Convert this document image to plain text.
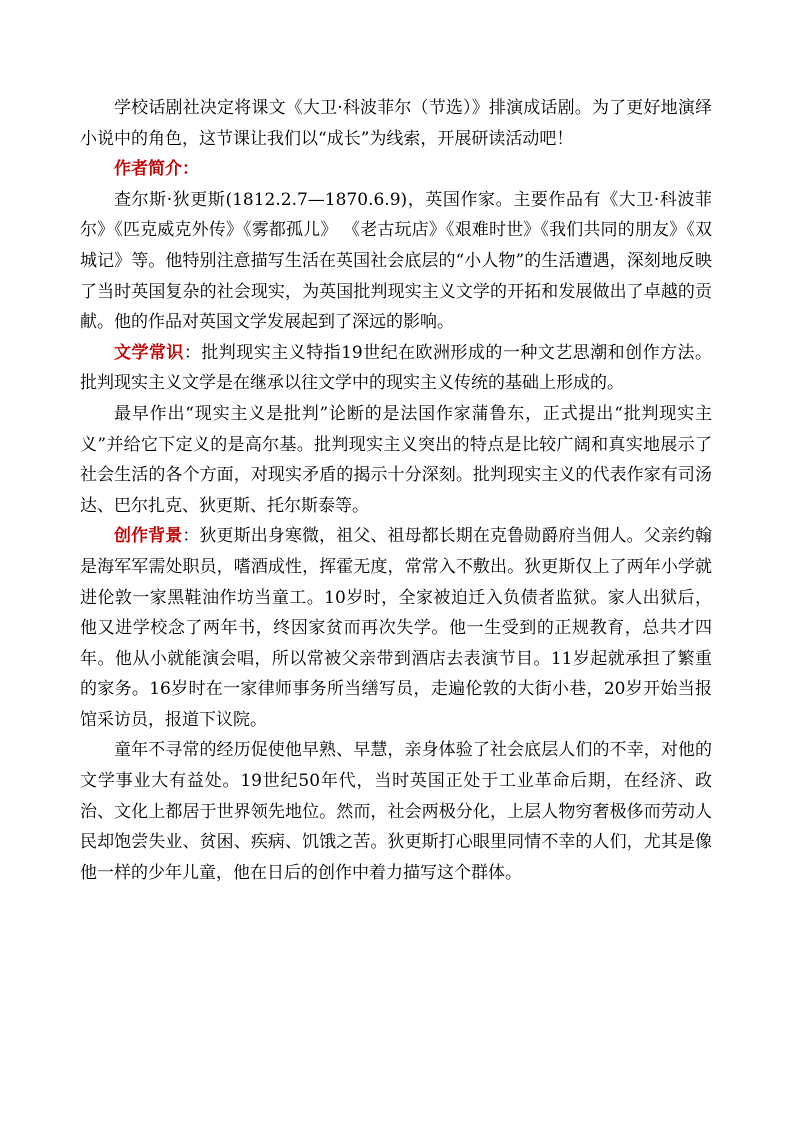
学校话剧社决定将课文《大卫·科波菲尔（节选）》排演成话剧。为了更好地演绎小说中的角色，这节课让我们以“成长”为线索，开展研读活动吧！

作者简介：

查尔斯·狄更斯(1812.2.7—1870.6.9)，英国作家。主要作品有《大卫·科波菲尔》《匹克威克外传》《雾都孤儿》 《老古玩店》《艰难时世》《我们共同的朋友》《双城记》等。他特别注意描写生活在英国社会底层的“小人物”的生活遭遇，深刻地反映了当时英国复杂的社会现实，为英国批判现实主义文学的开拓和发展做出了卓越的贡献。他的作品对英国文学发展起到了深远的影响。

文学常识：批判现实主义特指19世纪在欧洲形成的一种文艺思潮和创作方法。批判现实主义文学是在继承以往文学中的现实主义传统的基础上形成的。

最早作出“现实主义是批判”论断的是法国作家蒲鲁东，正式提出“批判现实主义”并给它下定义的是高尔基。批判现实主义突出的特点是比较广阔和真实地展示了社会生活的各个方面，对现实矛盾的揭示十分深刻。批判现实主义的代表作家有司汤达、巴尔扎克、狄更斯、托尔斯泰等。

创作背景：狄更斯出身寒微，祖父、祖母都长期在克鲁勋爵府当佣人。父亲约翰是海军军需处职员，嗜酒成性，挥霍无度，常常入不敷出。狄更斯仅上了两年小学就进伦敦一家黑鞋油作坊当童工。10岁时，全家被迫迁入负债者监狱。家人出狱后，他又进学校念了两年书，终因家贫而再次失学。他一生受到的正规教育，总共才四年。他从小就能演会唱，所以常被父亲带到酒店去表演节目。11岁起就承担了繁重的家务。16岁时在一家律师事务所当缮写员，走遍伦敦的大街小巷，20岁开始当报馆采访员，报道下议院。

童年不寻常的经历促使他早熟、早慧，亲身体验了社会底层人们的不幸，对他的文学事业大有益处。19世纪50年代，当时英国正处于工业革命后期，在经济、政治、文化上都居于世界领先地位。然而，社会两极分化，上层人物穷奢极侈而劳动人民却饱尝失业、贫困、疾病、饥饿之苦。狄更斯打心眼里同情不幸的人们，尤其是像他一样的少年儿童，他在日后的创作中着力描写这个群体。
